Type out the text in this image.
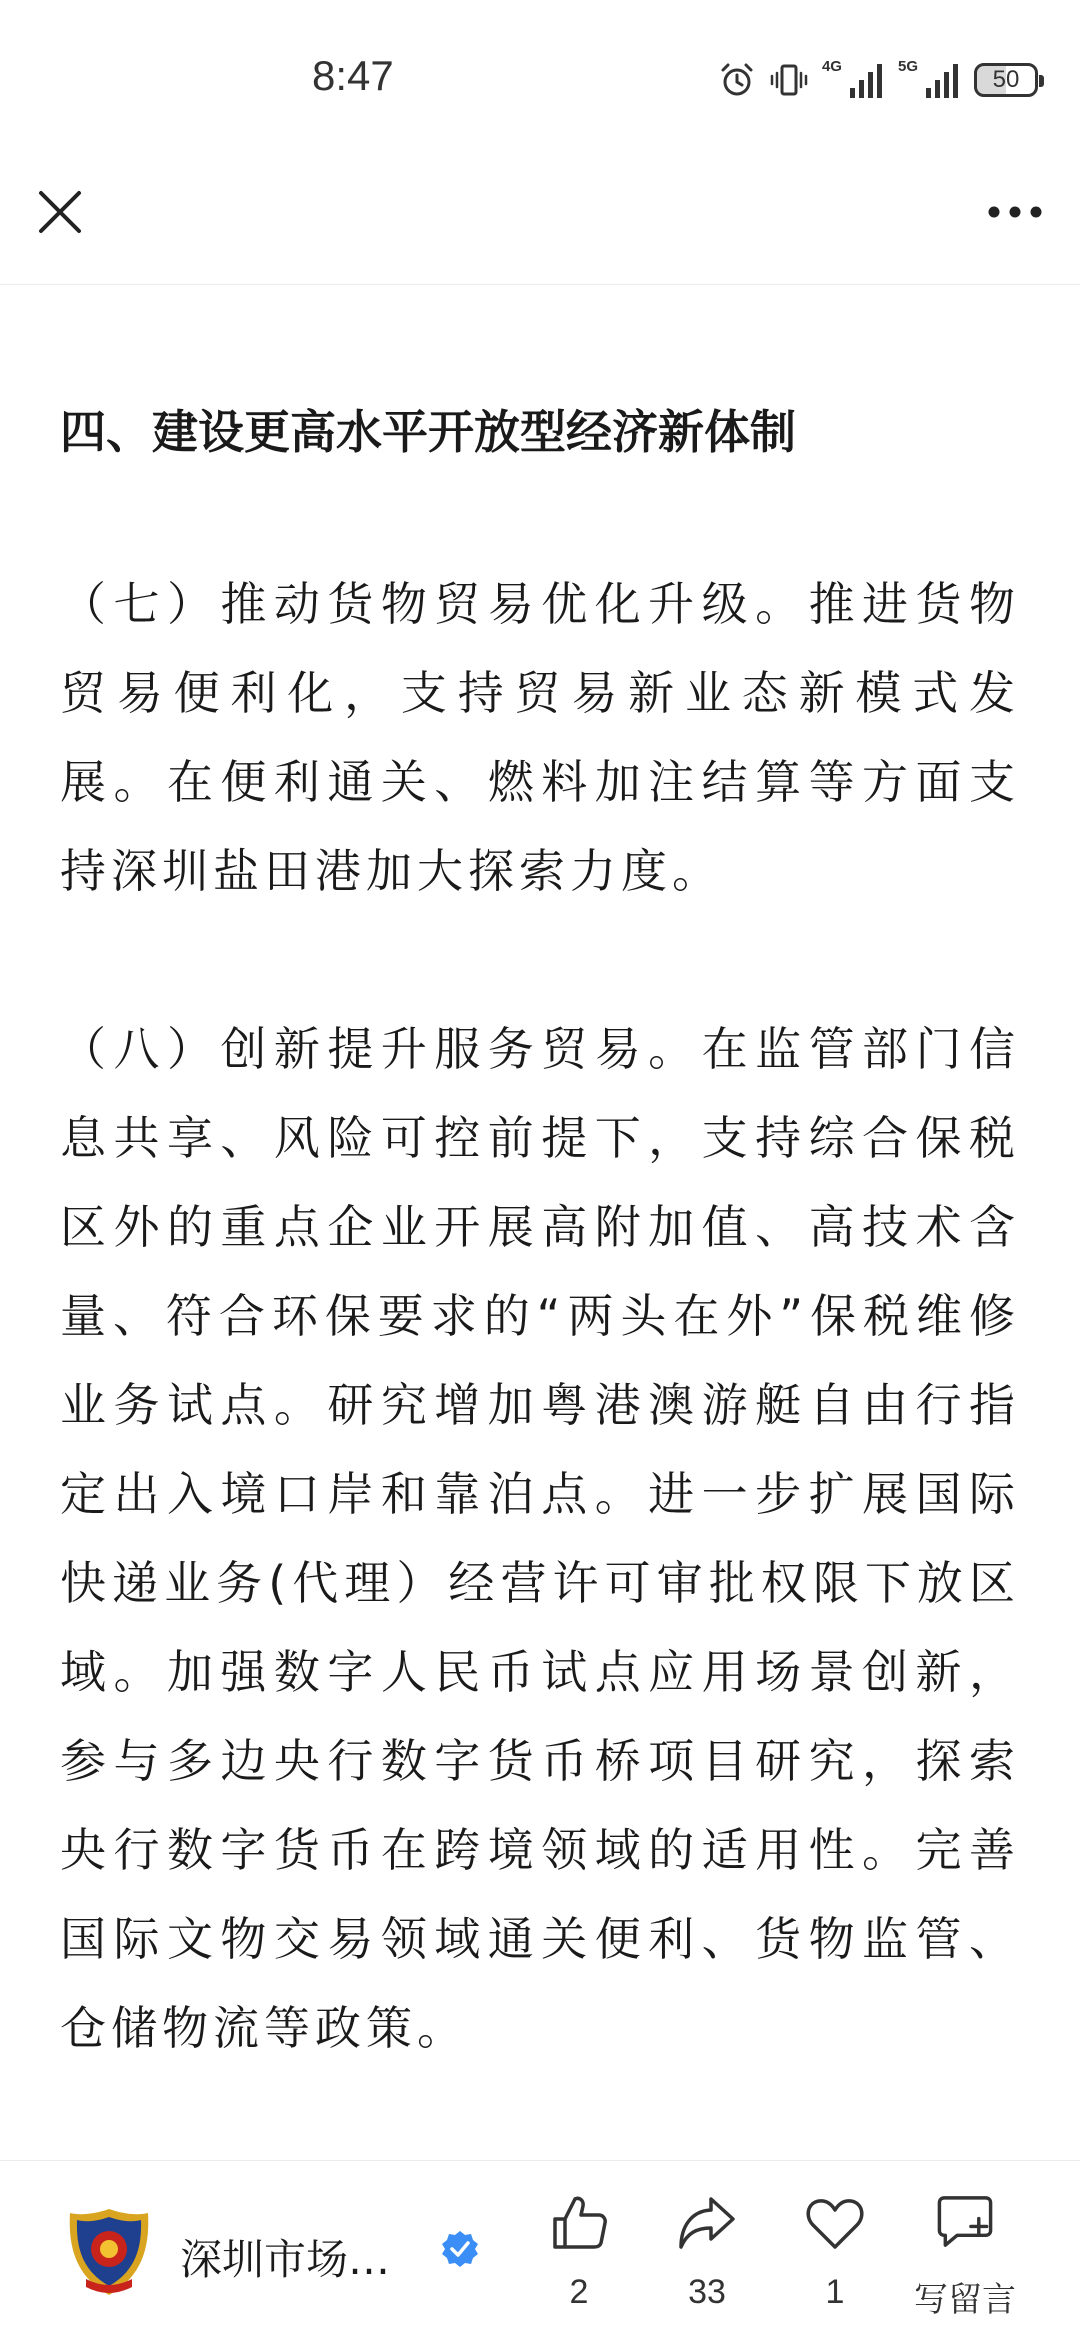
8:47	4G	5G	50
四、建设更高水平开放型经济新体制

（七）推动货物贸易优化升级。推进货物贸易便利化，支持贸易新业态新模式发展。在便利通关、燃料加注结算等方面支持深圳盐田港加大探索力度。

（八）创新提升服务贸易。在监管部门信息共享、风险可控前提下，支持综合保税区外的重点企业开展高附加值、高技术含量、符合环保要求的“两头在外”保税维修业务试点。研究增加粤港澳游艇自由行指定出入境口岸和靠泊点。进一步扩展国际快递业务(代理）经营许可审批权限下放区域。加强数字人民币试点应用场景创新，参与多边央行数字货币桥项目研究，探索央行数字货币在跨境领域的适用性。完善国际文物交易领域通关便利、货物监管、仓储物流等政策。

深圳市场…
2	33	1 写留言
